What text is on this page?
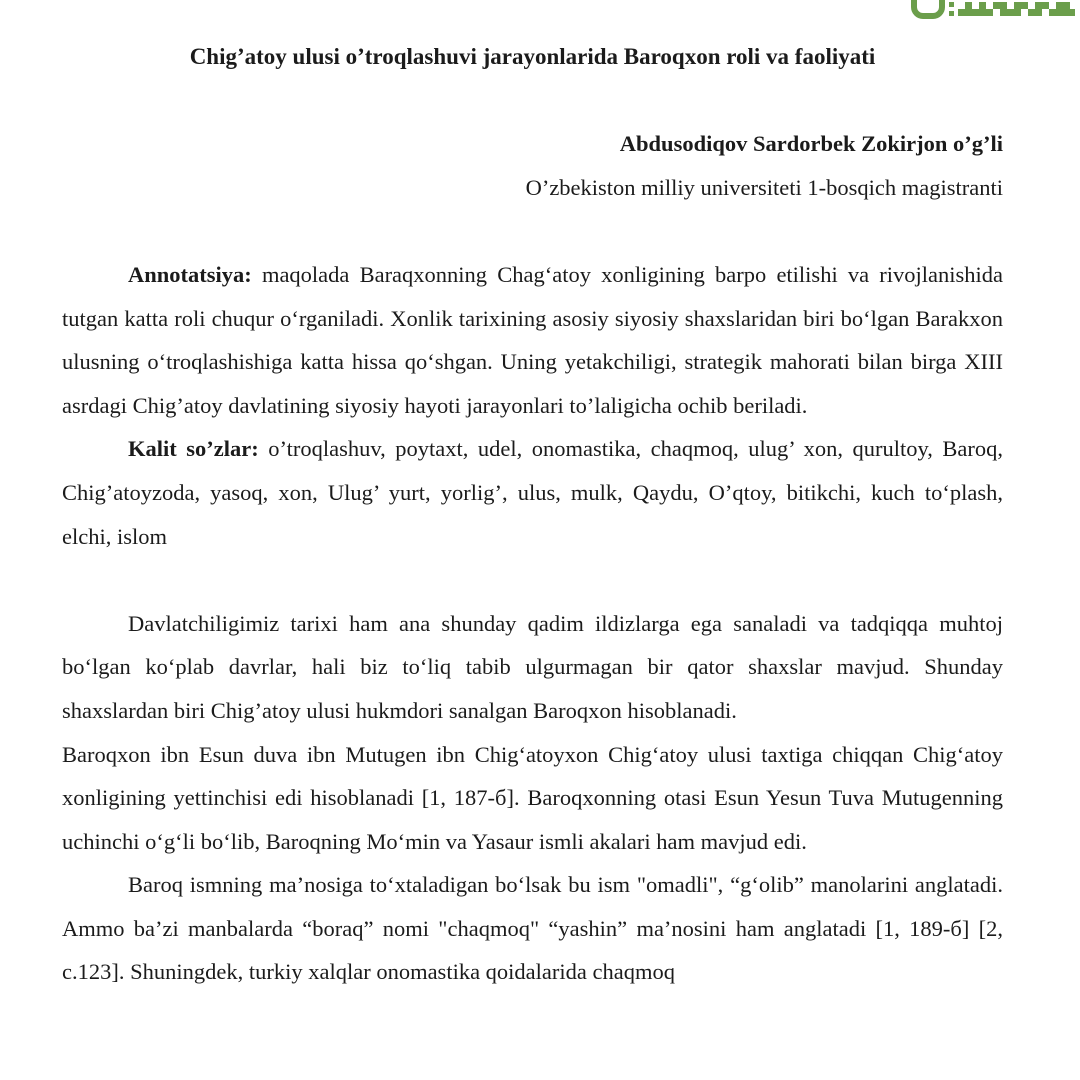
Chig’atoy ulusi o’troqlashuvi jarayonlarida Baroqxon roli va faoliyati

Abdusodiqov Sardorbek Zokirjon o’g’li

O’zbekiston milliy universiteti 1-bosqich magistranti

Annotatsiya: maqolada Baraqxonning Chagʻatoy xonligining barpo etilishi va rivojlanishida tutgan katta roli chuqur oʻrganiladi. Xonlik tarixining asosiy siyosiy shaxslaridan biri boʻlgan Barakxon ulusning oʻtroqlashishiga katta hissa qoʻshgan. Uning yetakchiligi, strategik mahorati bilan birga XIII asrdagi Chig’atoy davlatining siyosiy hayoti jarayonlari to’laligicha ochib beriladi.

Kalit so’zlar: o’troqlashuv, poytaxt, udel, onomastika, chaqmoq, ulug’ xon, qurultoy, Baroq, Chig’atoyzoda, yasoq, xon, Ulug’ yurt, yorlig’, ulus, mulk, Qaydu, O’qtoy, bitikchi, kuch toʻplash, elchi, islom

Davlatchiligimiz tarixi ham ana shunday qadim ildizlarga ega sanaladi va tadqiqqa muhtoj boʻlgan koʻplab davrlar, hali biz toʻliq tabib ulgurmagan bir qator shaxslar mavjud. Shunday shaxslardan biri Chig’atoy ulusi hukmdori sanalgan Baroqxon hisoblanadi.

Baroqxon ibn Esun duva ibn Mutugen ibn Chigʻatoyxon Chigʻatoy ulusi taxtiga chiqqan Chigʻatoy xonligining yettinchisi edi hisoblanadi [1, 187-б]. Baroqxonning otasi Esun Yesun Tuva Mutugenning uchinchi oʻgʻli boʻlib, Baroqning Moʻmin va Yasaur ismli akalari ham mavjud edi.

Baroq ismning ma’nosiga toʻxtaladigan boʻlsak bu ism "omadli", “gʻolib” manolarini anglatadi. Ammo ba’zi manbalarda “boraq” nomi "chaqmoq" “yashin” ma’nosini ham anglatadi [1, 189-б] [2, c.123]. Shuningdek, turkiy xalqlar onomastika qoidalarida chaqmoq
